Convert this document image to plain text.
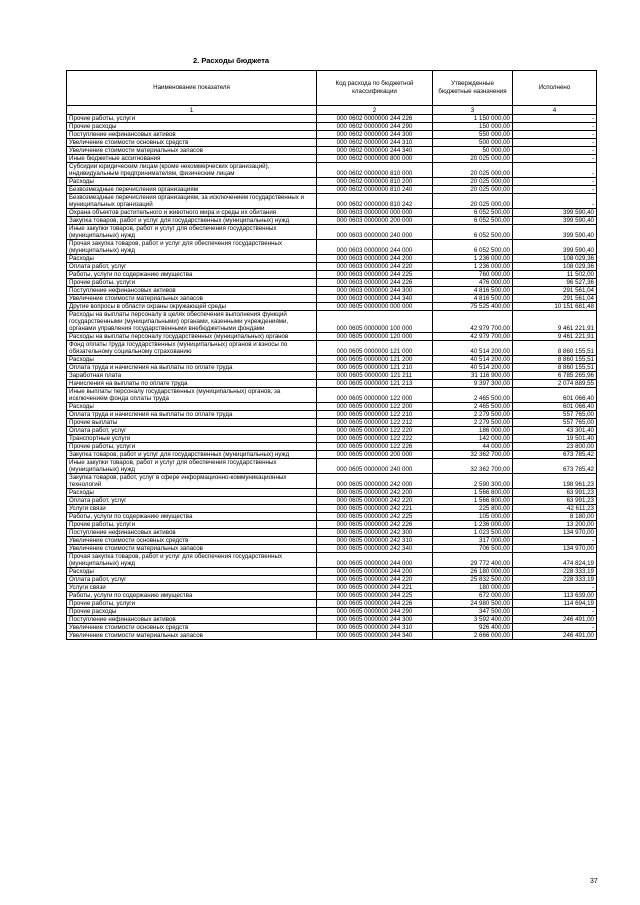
2. Расходы бюджета
Наименование показателя	Код расхода по бюджетной классификации	Утвержденные бюджетные назначения	Исполнено
1	2	3	4
Прочие работы, услуги	000 0602 0000000 244 226	1 150 000,00	-
Прочие расходы	000 0602 0000000 244 290	150 000,00	-
Поступление нефинансовых активов	000 0602 0000000 244 300	550 000,00	-
Увеличение стоимости основных средств	000 0602 0000000 244 310	500 000,00	-
Увеличение стоимости материальных запасов	000 0602 0000000 244 340	50 000,00	-
Иные бюджетные ассигнования	000 0602 0000000 800 000	20 025 000,00	-
Субсидии юридическим лицам (кроме некоммерческих организаций), индивидуальным предпринимателям, физическим лицам	000 0602 0000000 810 000	20 025 000,00	-
Расходы	000 0602 0000000 810 200	20 025 000,00	-
Безвозмездные перечисления организациям	000 0602 0000000 810 240	20 025 000,00	-
Безвозмездные перечисления организациям, за исключением государственных и муниципальных организаций	000 0602 0000000 810 242	20 025 000,00	-
Охрана объектов растительного и животного мира и среды их обитания	000 0603 0000000 000 000	6 052 500,00	399 590,40
Закупка товаров, работ и услуг для государственных (муниципальных) нужд	000 0603 0000000 200 000	6 052 500,00	399 590,40
Иные закупки товаров, работ и услуг для обеспечения государственных (муниципальных) нужд	000 0603 0000000 240 000	6 052 500,00	399 590,40
Прочая закупка товаров, работ и услуг для обеспечения государственных (муниципальных) нужд	000 0603 0000000 244 000	6 052 500,00	399 590,40
Расходы	000 0603 0000000 244 200	1 236 000,00	108 029,36
Оплата работ, услуг	000 0603 0000000 244 220	1 236 000,00	108 029,36
Работы, услуги по содержанию имущества	000 0603 0000000 244 225	760 000,00	11 502,00
Прочие работы, услуги	000 0603 0000000 244 226	476 000,00	96 527,36
Поступление нефинансовых активов	000 0603 0000000 244 300	4 816 500,00	291 561,04
Увеличение стоимости материальных запасов	000 0603 0000000 244 340	4 816 500,00	291 561,04
Другие вопросы в области охраны окружающей среды	000 0605 0000000 000 000	75 525 400,00	10 151 681,48
Расходы на выплаты персоналу в целях обеспечения выполнения функций государственными (муниципальными) органами, казенными учреждениями, органами управления государственными внебюджетными фондами	000 0605 0000000 100 000	42 979 700,00	9 461 221,91
Расходы на выплаты персоналу государственных (муниципальных) органов	000 0605 0000000 120 000	42 979 700,00	9 461 221,91
Фонд оплаты труда государственных (муниципальных) органов и взносы по обязательному социальному страхованию	000 0605 0000000 121 000	40 514 200,00	8 860 155,51
Расходы	000 0605 0000000 121 200	40 514 200,00	8 860 155,51
Оплата труда и начисления на выплаты по оплате труда	000 0605 0000000 121 210	40 514 200,00	8 860 155,51
Заработная плата	000 0605 0000000 121 211	31 116 900,00	6 785 265,96
Начисления на выплаты по оплате труда	000 0605 0000000 121 213	9 397 300,00	2 074 889,55
Иные выплаты персоналу государственных (муниципальных) органов, за исключением фонда оплаты труда	000 0605 0000000 122 000	2 465 500,00	601 066,40
Расходы	000 0605 0000000 122 200	2 465 500,00	601 066,40
Оплата труда и начисления на выплаты по оплате труда	000 0605 0000000 122 210	2 279 500,00	557 765,00
Прочие выплаты	000 0605 0000000 122 212	2 279 500,00	557 765,00
Оплата работ, услуг	000 0605 0000000 122 220	186 000,00	43 301,40
Транспортные услуги	000 0605 0000000 122 222	142 000,00	19 501,40
Прочие работы, услуги	000 0605 0000000 122 226	44 000,00	23 800,00
Закупка товаров, работ и услуг для государственных (муниципальных) нужд	000 0605 0000000 200 000	32 362 700,00	673 785,42
Иные закупки товаров, работ и услуг для обеспечения государственных (муниципальных) нужд	000 0605 0000000 240 000	32 362 700,00	673 785,42
Закупка товаров, работ, услуг в сфере информационно-коммуникационных технологий	000 0605 0000000 242 000	2 590 300,00	198 961,23
Расходы	000 0605 0000000 242 200	1 566 800,00	63 991,23
Оплата работ, услуг	000 0605 0000000 242 220	1 566 800,00	63 991,23
Услуги связи	000 0605 0000000 242 221	225 800,00	42 611,23
Работы, услуги по содержанию имущества	000 0605 0000000 242 225	105 000,00	8 180,00
Прочие работы, услуги	000 0605 0000000 242 226	1 236 000,00	13 200,00
Поступление нефинансовых активов	000 0605 0000000 242 300	1 023 500,00	134 970,00
Увеличение стоимости основных средств	000 0605 0000000 242 310	317 000,00	-
Увеличение стоимости материальных запасов	000 0605 0000000 242 340	706 500,00	134 970,00
Прочая закупка товаров, работ и услуг для обеспечения государственных (муниципальных) нужд	000 0605 0000000 244 000	29 772 400,00	474 824,19
Расходы	000 0605 0000000 244 200	26 180 000,00	228 333,19
Оплата работ, услуг	000 0605 0000000 244 220	25 832 500,00	228 333,19
Услуги связи	000 0605 0000000 244 221	180 000,00	-
Работы, услуги по содержанию имущества	000 0605 0000000 244 225	672 000,00	113 639,00
Прочие работы, услуги	000 0605 0000000 244 226	24 980 500,00	114 694,19
Прочие расходы	000 0605 0000000 244 290	347 500,00	-
Поступление нефинансовых активов	000 0605 0000000 244 300	3 592 400,00	246 491,00
Увеличение стоимости основных средств	000 0605 0000000 244 310	926 400,00	-
Увеличение стоимости материальных запасов	000 0605 0000000 244 340	2 666 000,00	246 491,00
37
